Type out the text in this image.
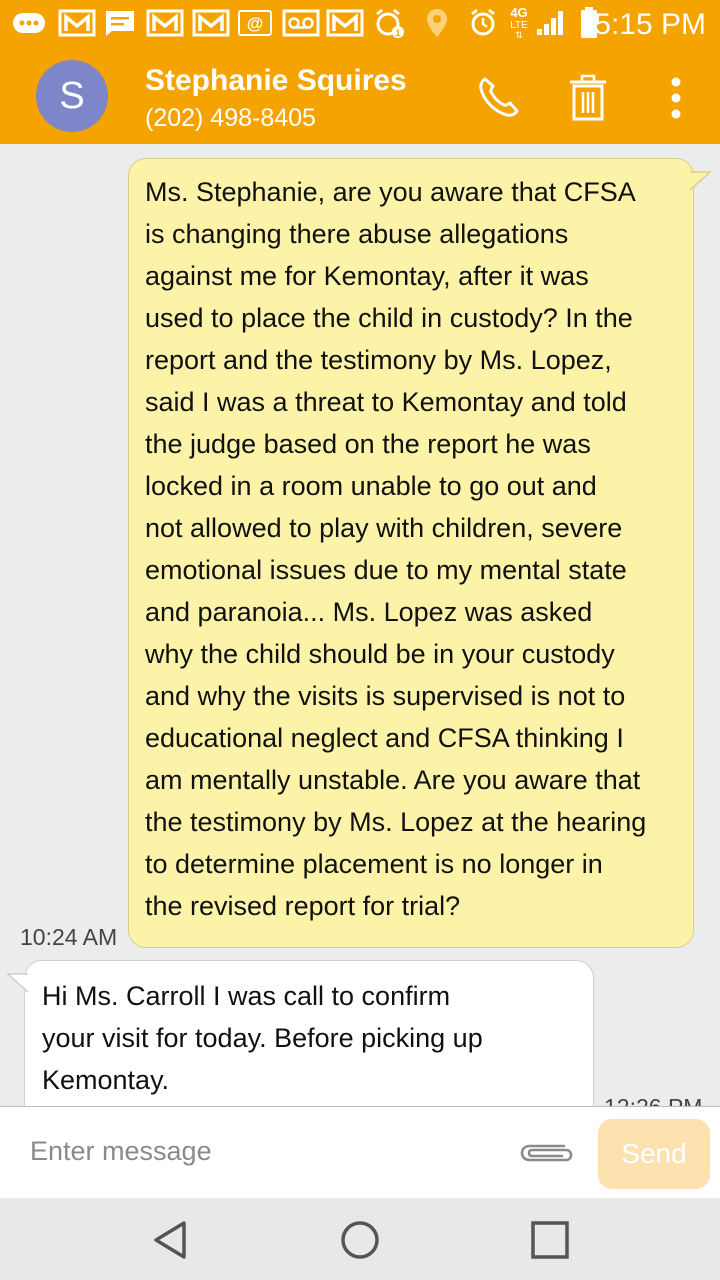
@
1
4G
LTE
⇅ 5:15 PM
S	Stephanie Squires
(202) 498-8405
Ms. Stephanie, are you aware that CFSA
is changing there abuse allegations
against me for Kemontay, after it was
used to place the child in custody? In the
report and the testimony by Ms. Lopez,
said I was a threat to Kemontay and told
the judge based on the report he was
locked in a room unable to go out and
not allowed to play with children, severe
emotional issues due to my mental state
and paranoia... Ms. Lopez was asked
why the child should be in your custody
and why the visits is supervised is not to
educational neglect and CFSA thinking I
am mentally unstable. Are you aware that
the testimony by Ms. Lopez at the hearing
to determine placement is no longer in
the revised report for trial?
10:24 AM
Hi Ms. Carroll I was call to confirm
your visit for today. Before picking up
Kemontay.
Enter message
Send
